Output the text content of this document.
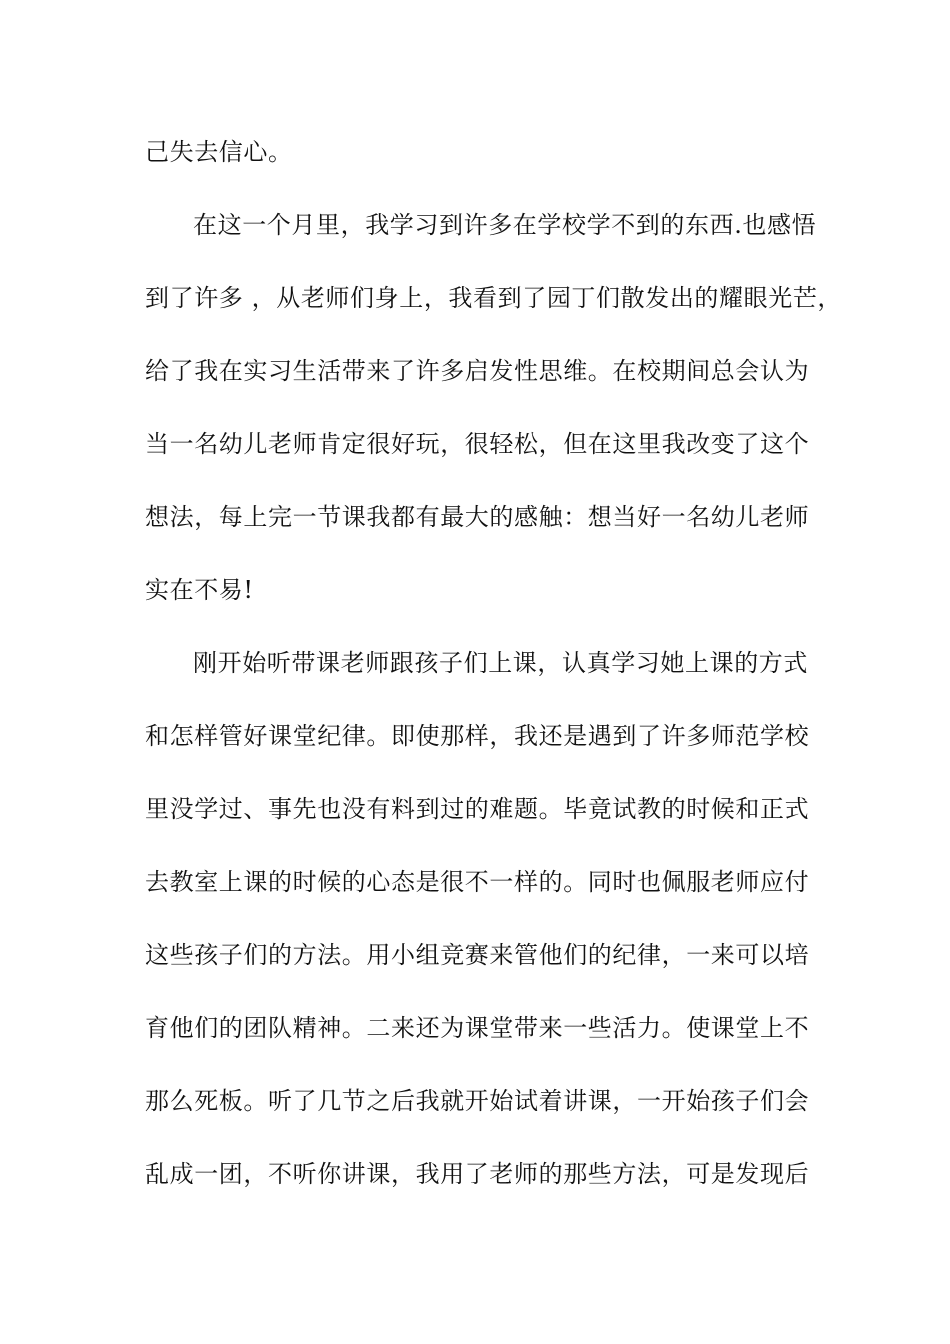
己失去信心。
在这一个月里，我学习到许多在学校学不到的东西.也感悟
到了许多 ，从老师们身上，我看到了园丁们散发出的耀眼光芒，
给了我在实习生活带来了许多启发性思维。在校期间总会认为
当一名幼儿老师肯定很好玩，很轻松，但在这里我改变了这个
想法，每上完一节课我都有最大的感触：想当好一名幼儿老师
实在不易!
刚开始听带课老师跟孩子们上课，认真学习她上课的方式
和怎样管好课堂纪律。即使那样，我还是遇到了许多师范学校
里没学过、事先也没有料到过的难题。毕竟试教的时候和正式
去教室上课的时候的心态是很不一样的。同时也佩服老师应付
这些孩子们的方法。用小组竞赛来管他们的纪律，一来可以培
育他们的团队精神。二来还为课堂带来一些活力。使课堂上不
那么死板。听了几节之后我就开始试着讲课，一开始孩子们会
乱成一团，不听你讲课，我用了老师的那些方法，可是发现后
